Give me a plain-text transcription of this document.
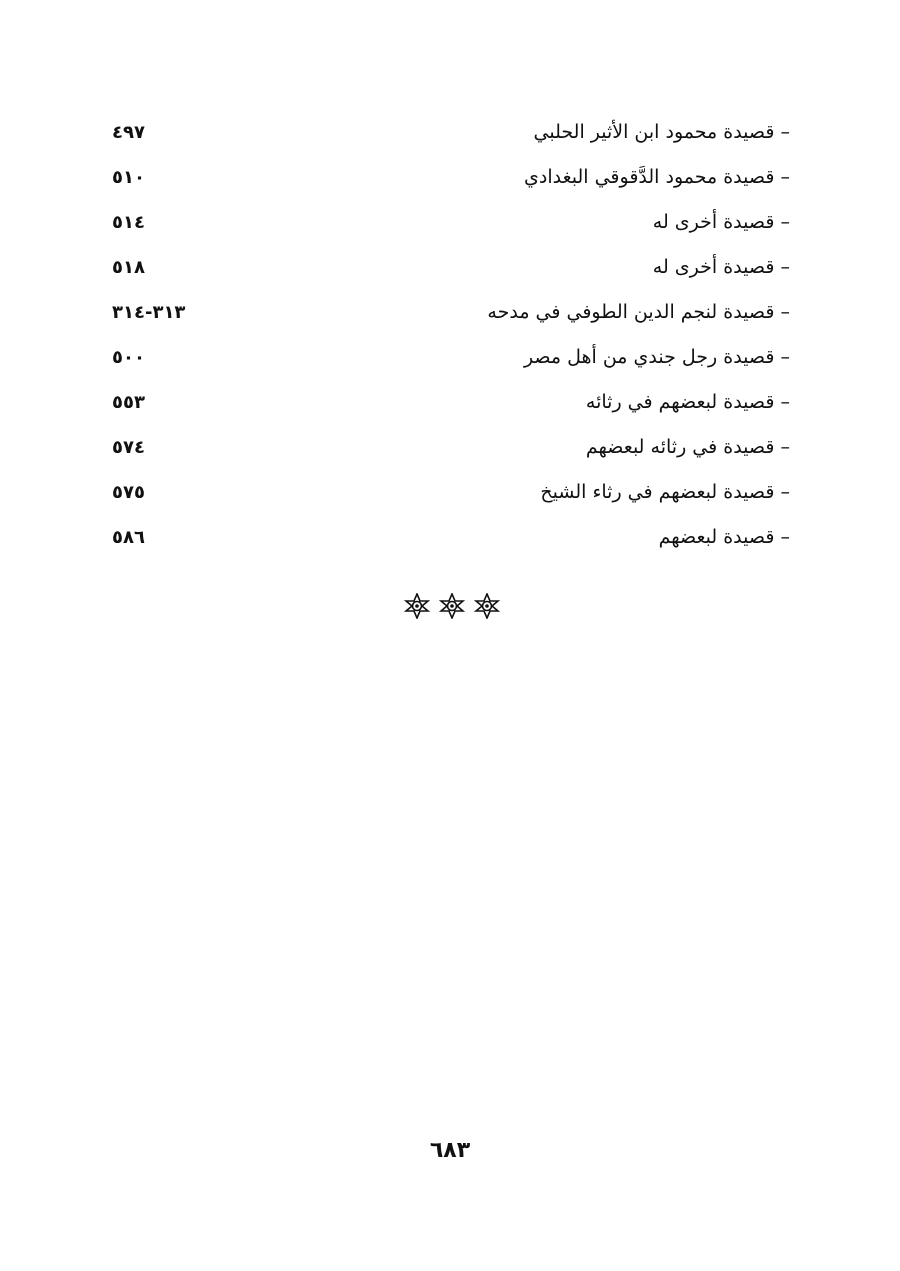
– قصيدة محمود ابن الأثير الحلبي
٤٩٧
– قصيدة محمود الدَّقوقي البغدادي
٥١٠
– قصيدة أخرى له
٥١٤
– قصيدة أخرى له
٥١٨
– قصيدة لنجم الدين الطوفي في مدحه
٣١٣-٣١٤
– قصيدة رجل جندي من أهل مصر
٥٠٠
– قصيدة لبعضهم في رثائه
٥٥٣
– قصيدة في رثائه لبعضهم
٥٧٤
– قصيدة لبعضهم في رثاء الشيخ
٥٧٥
– قصيدة لبعضهم
٥٨٦
٦٨٣
